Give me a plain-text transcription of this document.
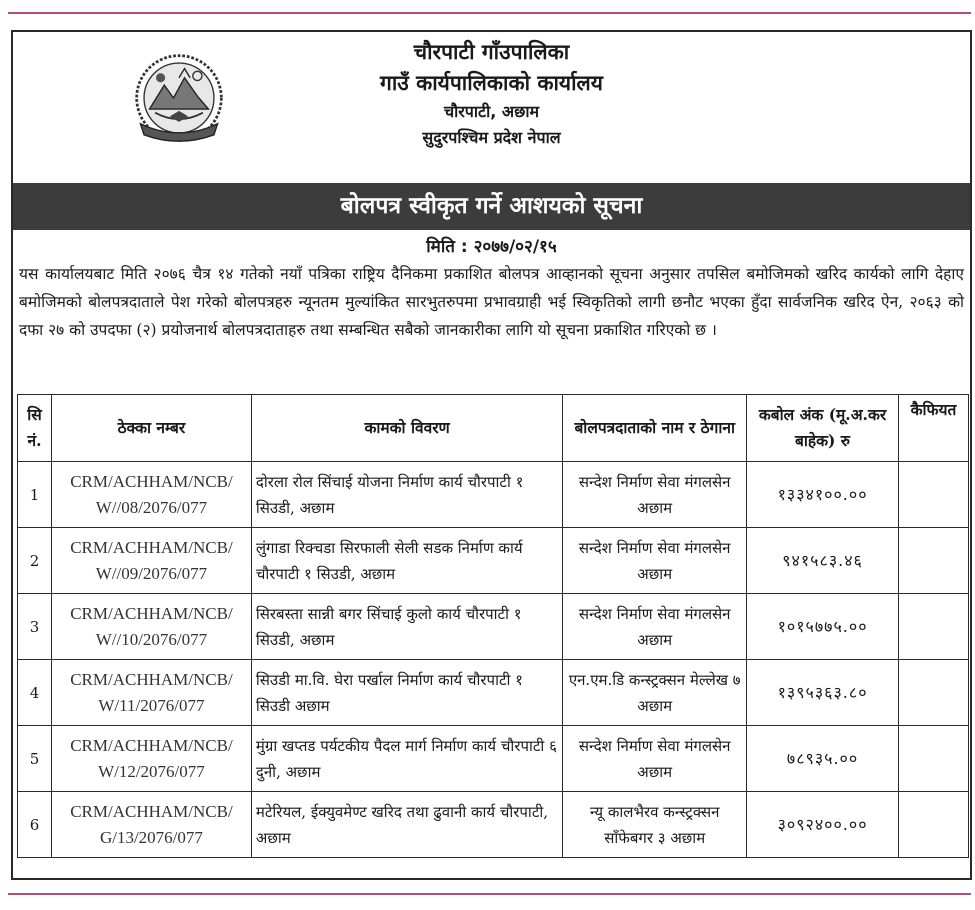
चौरपाटी गाँउपालिका
गाउँ कार्यपालिकाको कार्यालय
चौरपाटी, अछाम
सुदुरपश्चिम प्रदेश नेपाल
बोलपत्र स्वीकृत गर्ने आशयको सूचना
मिति : २०७७/०२/१५
यस कार्यालयबाट मिति २०७६ चैत्र १४ गतेको नयाँ पत्रिका राष्ट्रिय दैनिकमा प्रकाशित बोलपत्र आव्हानको सूचना अनुसार तपसिल बमोजिमको खरिद कार्यको लागि देहाए बमोजिमको बोलपत्रदाताले पेश गरेको बोलपत्रहरु न्यूनतम मुल्यांकित सारभुतरुपमा प्रभावग्राही भई स्विकृतिको लागी छनौट भएका हुँदा सार्वजनिक खरिद ऐन, २०६३ को दफा २७ को उपदफा (२) प्रयोजनार्थ बोलपत्रदाताहरु तथा सम्बन्धित सबैको जानकारीका लागि यो सूचना प्रकाशित गरिएको छ ।
सि नं.	ठेक्का नम्बर	कामको विवरण	बोलपत्रदाताको नाम र ठेगाना	कबोल अंक (मू.अ.कर बाहेक) रु	कैफियत
1	CRM/ACHHAM/NCB/ W//08/2076/077	दोरला रोल सिंचाई योजना निर्माण कार्य चौरपाटी १ सिउडी, अछाम	सन्देश निर्माण सेवा मंगलसेन अछाम	१३३४१००.००	
2	CRM/ACHHAM/NCB/ W//09/2076/077	लुंगाडा रिक्चडा सिरफाली सेली सडक निर्माण कार्य चौरपाटी १ सिउडी, अछाम	सन्देश निर्माण सेवा मंगलसेन अछाम	९४१५८३.४६	
3	CRM/ACHHAM/NCB/ W//10/2076/077	सिरबस्ता सान्नी बगर सिंचाई कुलो कार्य चौरपाटी १ सिउडी, अछाम	सन्देश निर्माण सेवा मंगलसेन अछाम	१०१५७७५.००	
4	CRM/ACHHAM/NCB/ W/11/2076/077	सिउडी मा.वि. घेरा पर्खाल निर्माण कार्य चौरपाटी १ सिउडी अछाम	एन.एम.डि कन्स्ट्रक्सन मेल्लेख ७ अछाम	१३९५३६३.८०	
5	CRM/ACHHAM/NCB/ W/12/2076/077	मुंग्रा खप्तड पर्यटकीय पैदल मार्ग निर्माण कार्य चौरपाटी ६ दुनी, अछाम	सन्देश निर्माण सेवा मंगलसेन अछाम	७८९३५.००	
6	CRM/ACHHAM/NCB/ G/13/2076/077	मटेरियल, ईक्युवमेण्ट खरिद तथा ढुवानी कार्य चौरपाटी, अछाम	न्यू कालभैरव कन्स्ट्रक्सन साँफेबगर ३ अछाम	३०९२४००.००	
